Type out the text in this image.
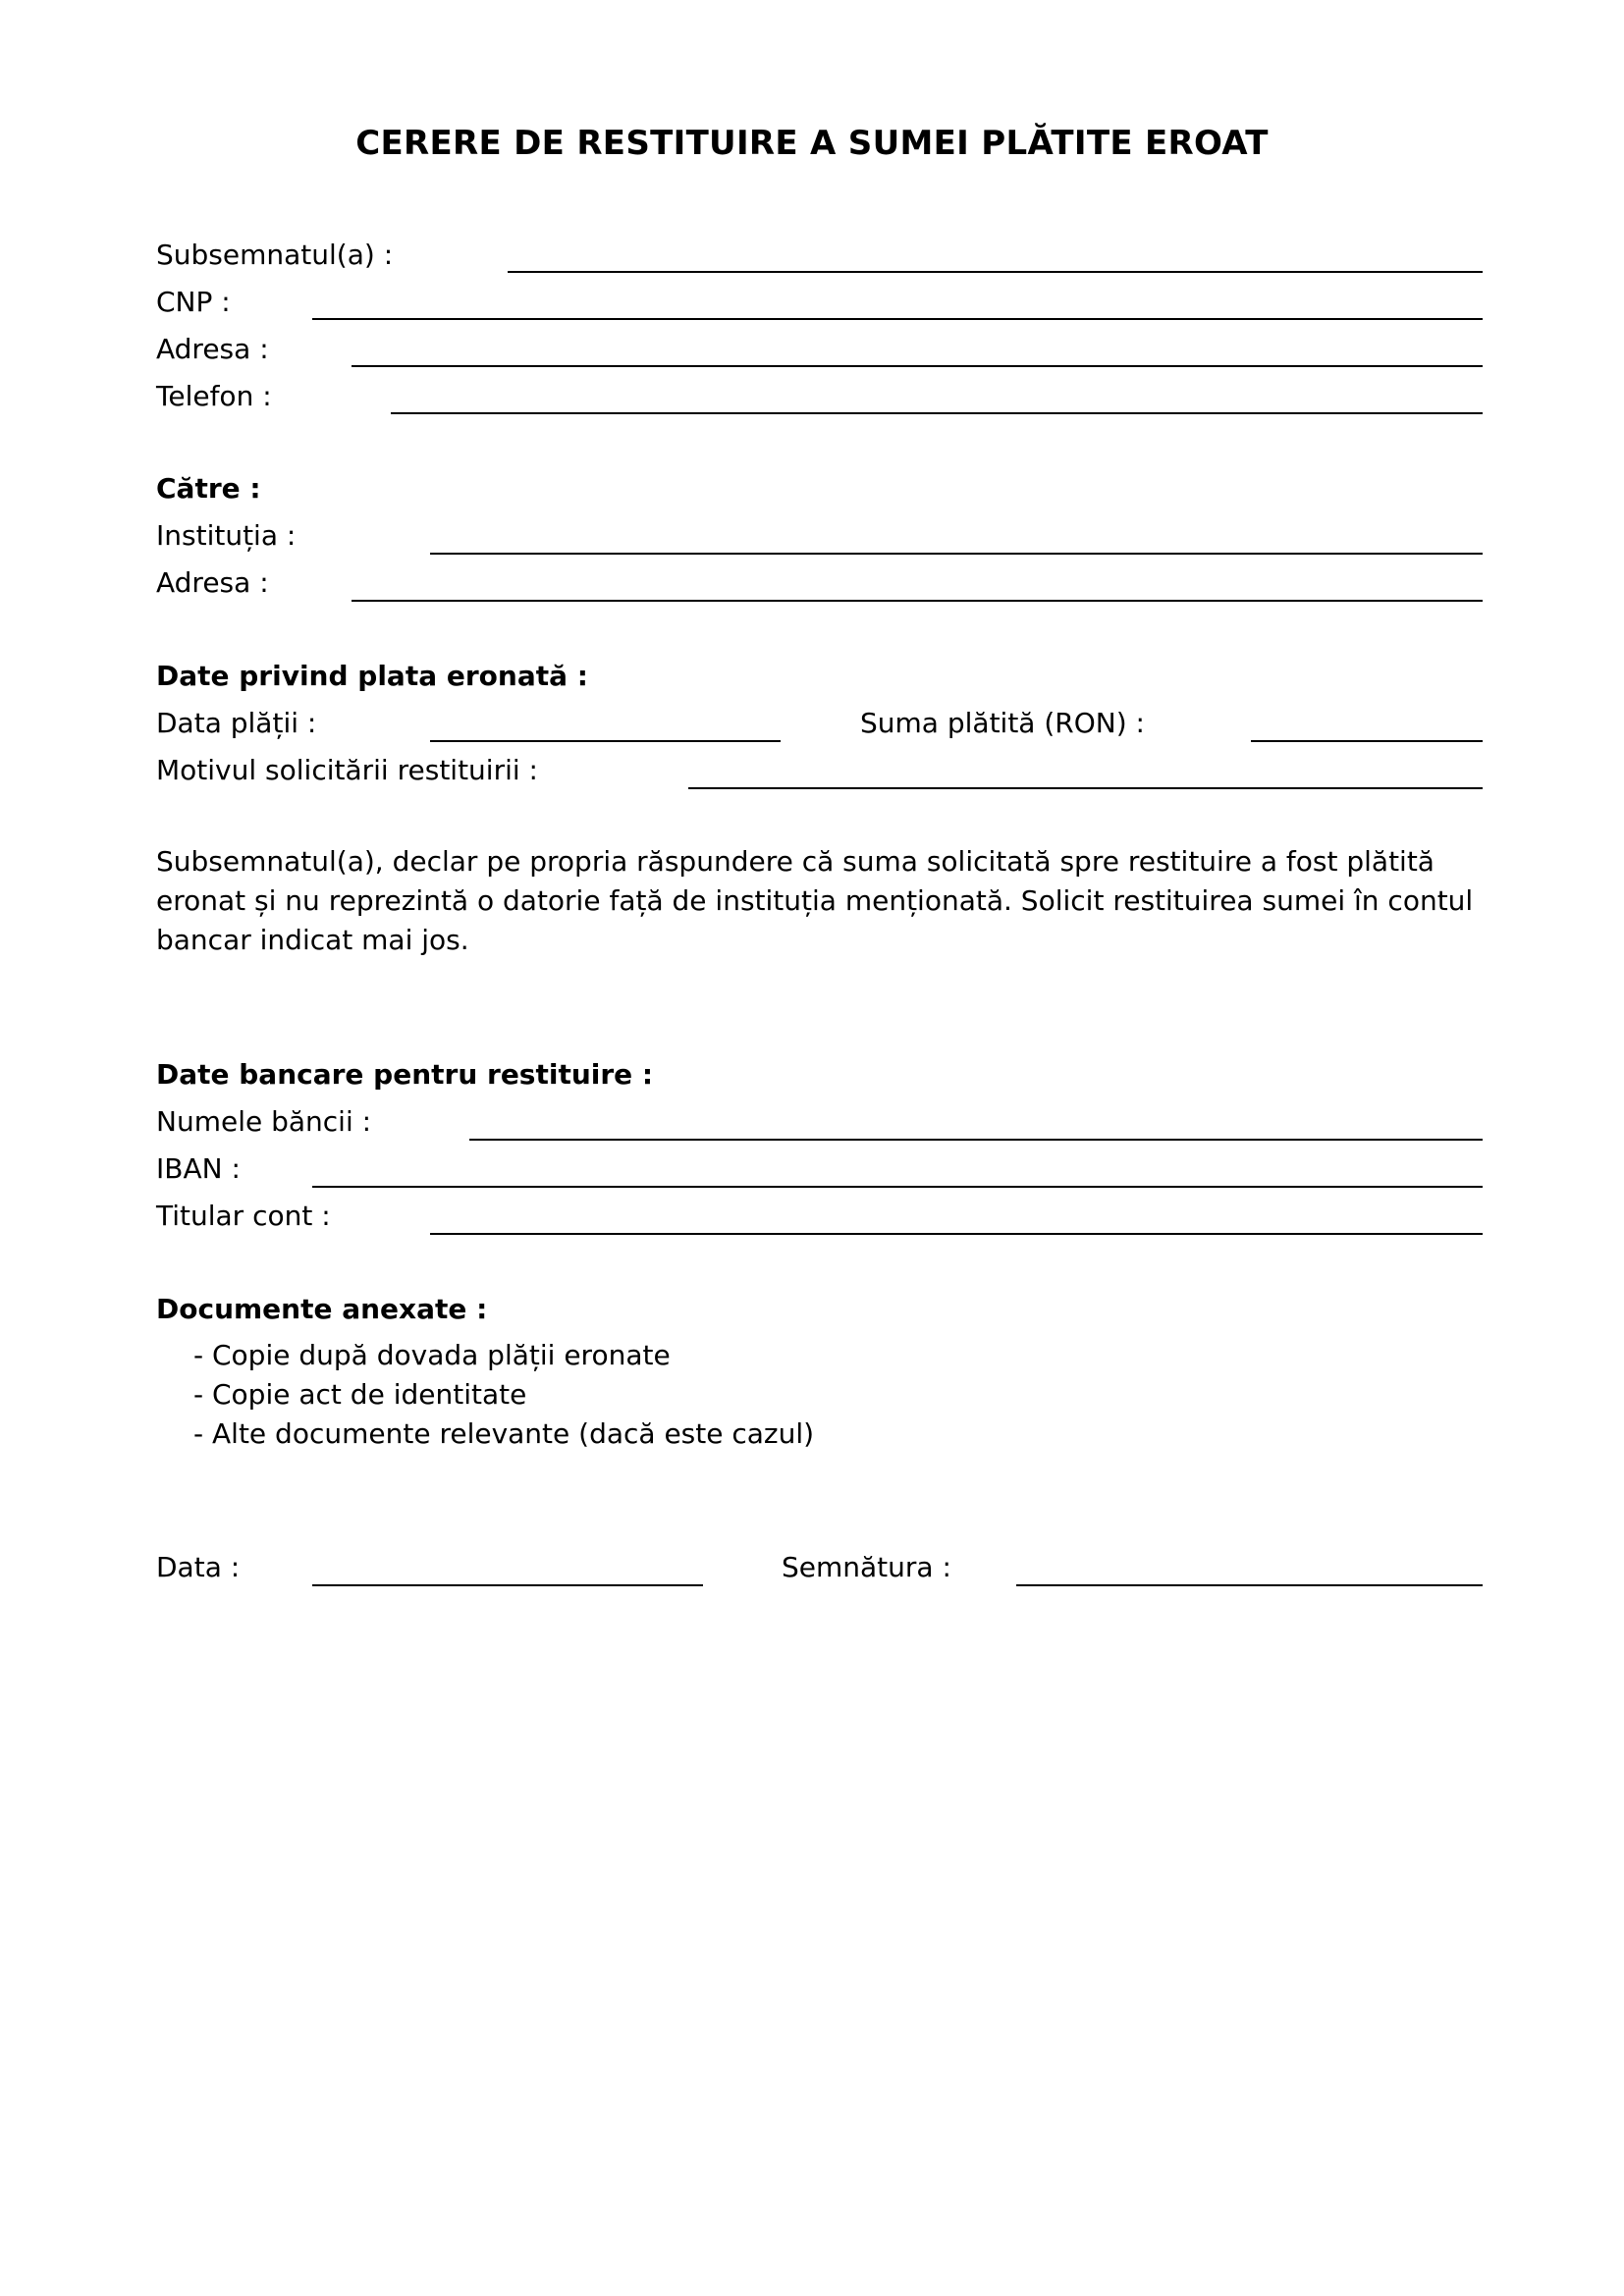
CERERE DE RESTITUIRE A SUMEI PLĂTITE EROAT
Subsemnatul(a) :
CNP :
Adresa :
Telefon :
Către :
Instituția :
Adresa :
Date privind plata eronată :
Data plății :	Suma plătită (RON) :
Motivul solicitării restituirii :
Subsemnatul(a), declar pe propria răspundere că suma solicitată spre restituire a fost plătită
eronat și nu reprezintă o datorie față de instituția menționată. Solicit restituirea sumei în contul
bancar indicat mai jos.
Date bancare pentru restituire :
Numele băncii :
IBAN :
Titular cont :
Documente anexate :
- Copie după dovada plății eronate
- Copie act de identitate
- Alte documente relevante (dacă este cazul)
Data :	Semnătura :
